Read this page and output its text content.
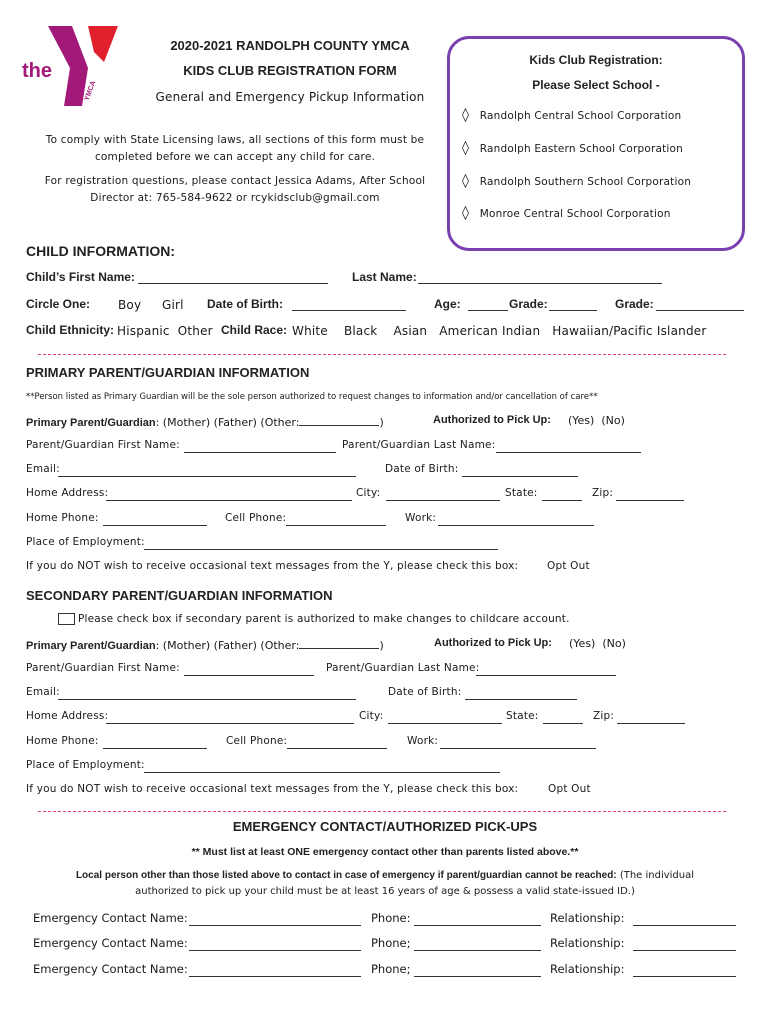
YMCA
the
2020-2021 RANDOLPH COUNTY YMCA
KIDS CLUB REGISTRATION FORM
General and Emergency Pickup Information
To comply with State Licensing laws, all sections of this form must be
completed before we can accept any child for care.
For registration questions, please contact Jessica Adams, After School
Director at: 765-584-9622 or rcykidsclub@gmail.com
Kids Club Registration:
Please Select School -
◊ Randolph Central School Corporation
◊ Randolph Eastern School Corporation
◊ Randolph Southern School Corporation
◊ Monroe Central School Corporation
CHILD INFORMATION:
Child’s First Name:	Last Name:
Circle One: Boy Girl Date of Birth:	Age:	Grade:	Grade:
Child Ethnicity: Hispanic  Other Child Race: White    Black    Asian   American Indian   Hawaiian/Pacific Islander
PRIMARY PARENT/GUARDIAN INFORMATION
**Person listed as Primary Guardian will be the sole person authorized to request changes to information and/or cancellation of care**
Primary Parent/Guardian: (Mother) (Father) (Other:	)	Authorized to Pick Up: (Yes)  (No)
Parent/Guardian First Name:	Parent/Guardian Last Name:
Email:	Date of Birth:
Home Address:	City:	State:	Zip:
Home Phone:	Cell Phone:	Work:
Place of Employment:
If you do NOT wish to receive occasional text messages from the Y, please check this box:	Opt Out
SECONDARY PARENT/GUARDIAN INFORMATION
Please check box if secondary parent is authorized to make changes to childcare account.
Primary Parent/Guardian: (Mother) (Father) (Other:	)	Authorized to Pick Up: (Yes)  (No)
Parent/Guardian First Name:	Parent/Guardian Last Name:
Email:	Date of Birth:
Home Address:	City:	State:	Zip:
Home Phone:	Cell Phone:	Work:
Place of Employment:
If you do NOT wish to receive occasional text messages from the Y, please check this box:	Opt Out
EMERGENCY CONTACT/AUTHORIZED PICK-UPS
** Must list at least ONE emergency contact other than parents listed above.**
Local person other than those listed above to contact in case of emergency if parent/guardian cannot be reached: (The individual
authorized to pick up your child must be at least 16 years of age & possess a valid state-issued ID.)
Emergency Contact Name:	Phone:	Relationship:
Emergency Contact Name:	Phone;	Relationship:
Emergency Contact Name:	Phone;	Relationship:
